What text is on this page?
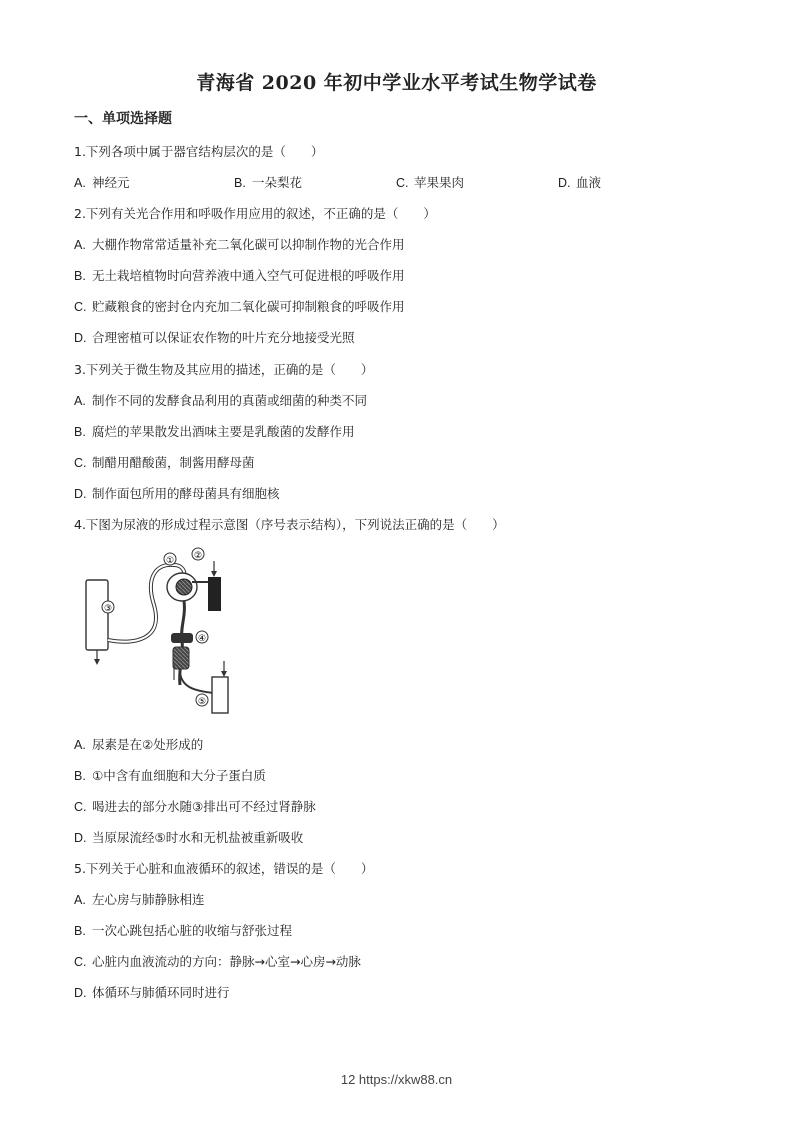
青海省 2020 年初中学业水平考试生物学试卷
一、单项选择题
1.下列各项中属于器官结构层次的是（　　）
A. 神经元	B. 一朵梨花	C. 苹果果肉	D. 血液
2.下列有关光合作用和呼吸作用应用的叙述，不正确的是（　　）
A. 大棚作物常常适量补充二氧化碳可以抑制作物的光合作用
B. 无土栽培植物时向营养液中通入空气可促进根的呼吸作用
C. 贮藏粮食的密封仓内充加二氧化碳可抑制粮食的呼吸作用
D. 合理密植可以保证农作物的叶片充分地接受光照
3.下列关于微生物及其应用的描述，正确的是（　　）
A. 制作不同的发酵食品利用的真菌或细菌的种类不同
B. 腐烂的苹果散发出酒味主要是乳酸菌的发酵作用
C. 制醋用醋酸菌，制酱用酵母菌
D. 制作面包所用的酵母菌具有细胞核
4.下图为尿液的形成过程示意图（序号表示结构），下列说法正确的是（　　）
① ②
③
④
⑤
A. 尿素是在②处形成的
B. ①中含有血细胞和大分子蛋白质
C. 喝进去的部分水随③排出可不经过肾静脉
D. 当原尿流经⑤时水和无机盐被重新吸收
5.下列关于心脏和血液循环的叙述，错误的是（　　）
A. 左心房与肺静脉相连
B. 一次心跳包括心脏的收缩与舒张过程
C. 心脏内血液流动的方向：静脉→心室→心房→动脉
D. 体循环与肺循环同时进行
12 https://xkw88.cn
